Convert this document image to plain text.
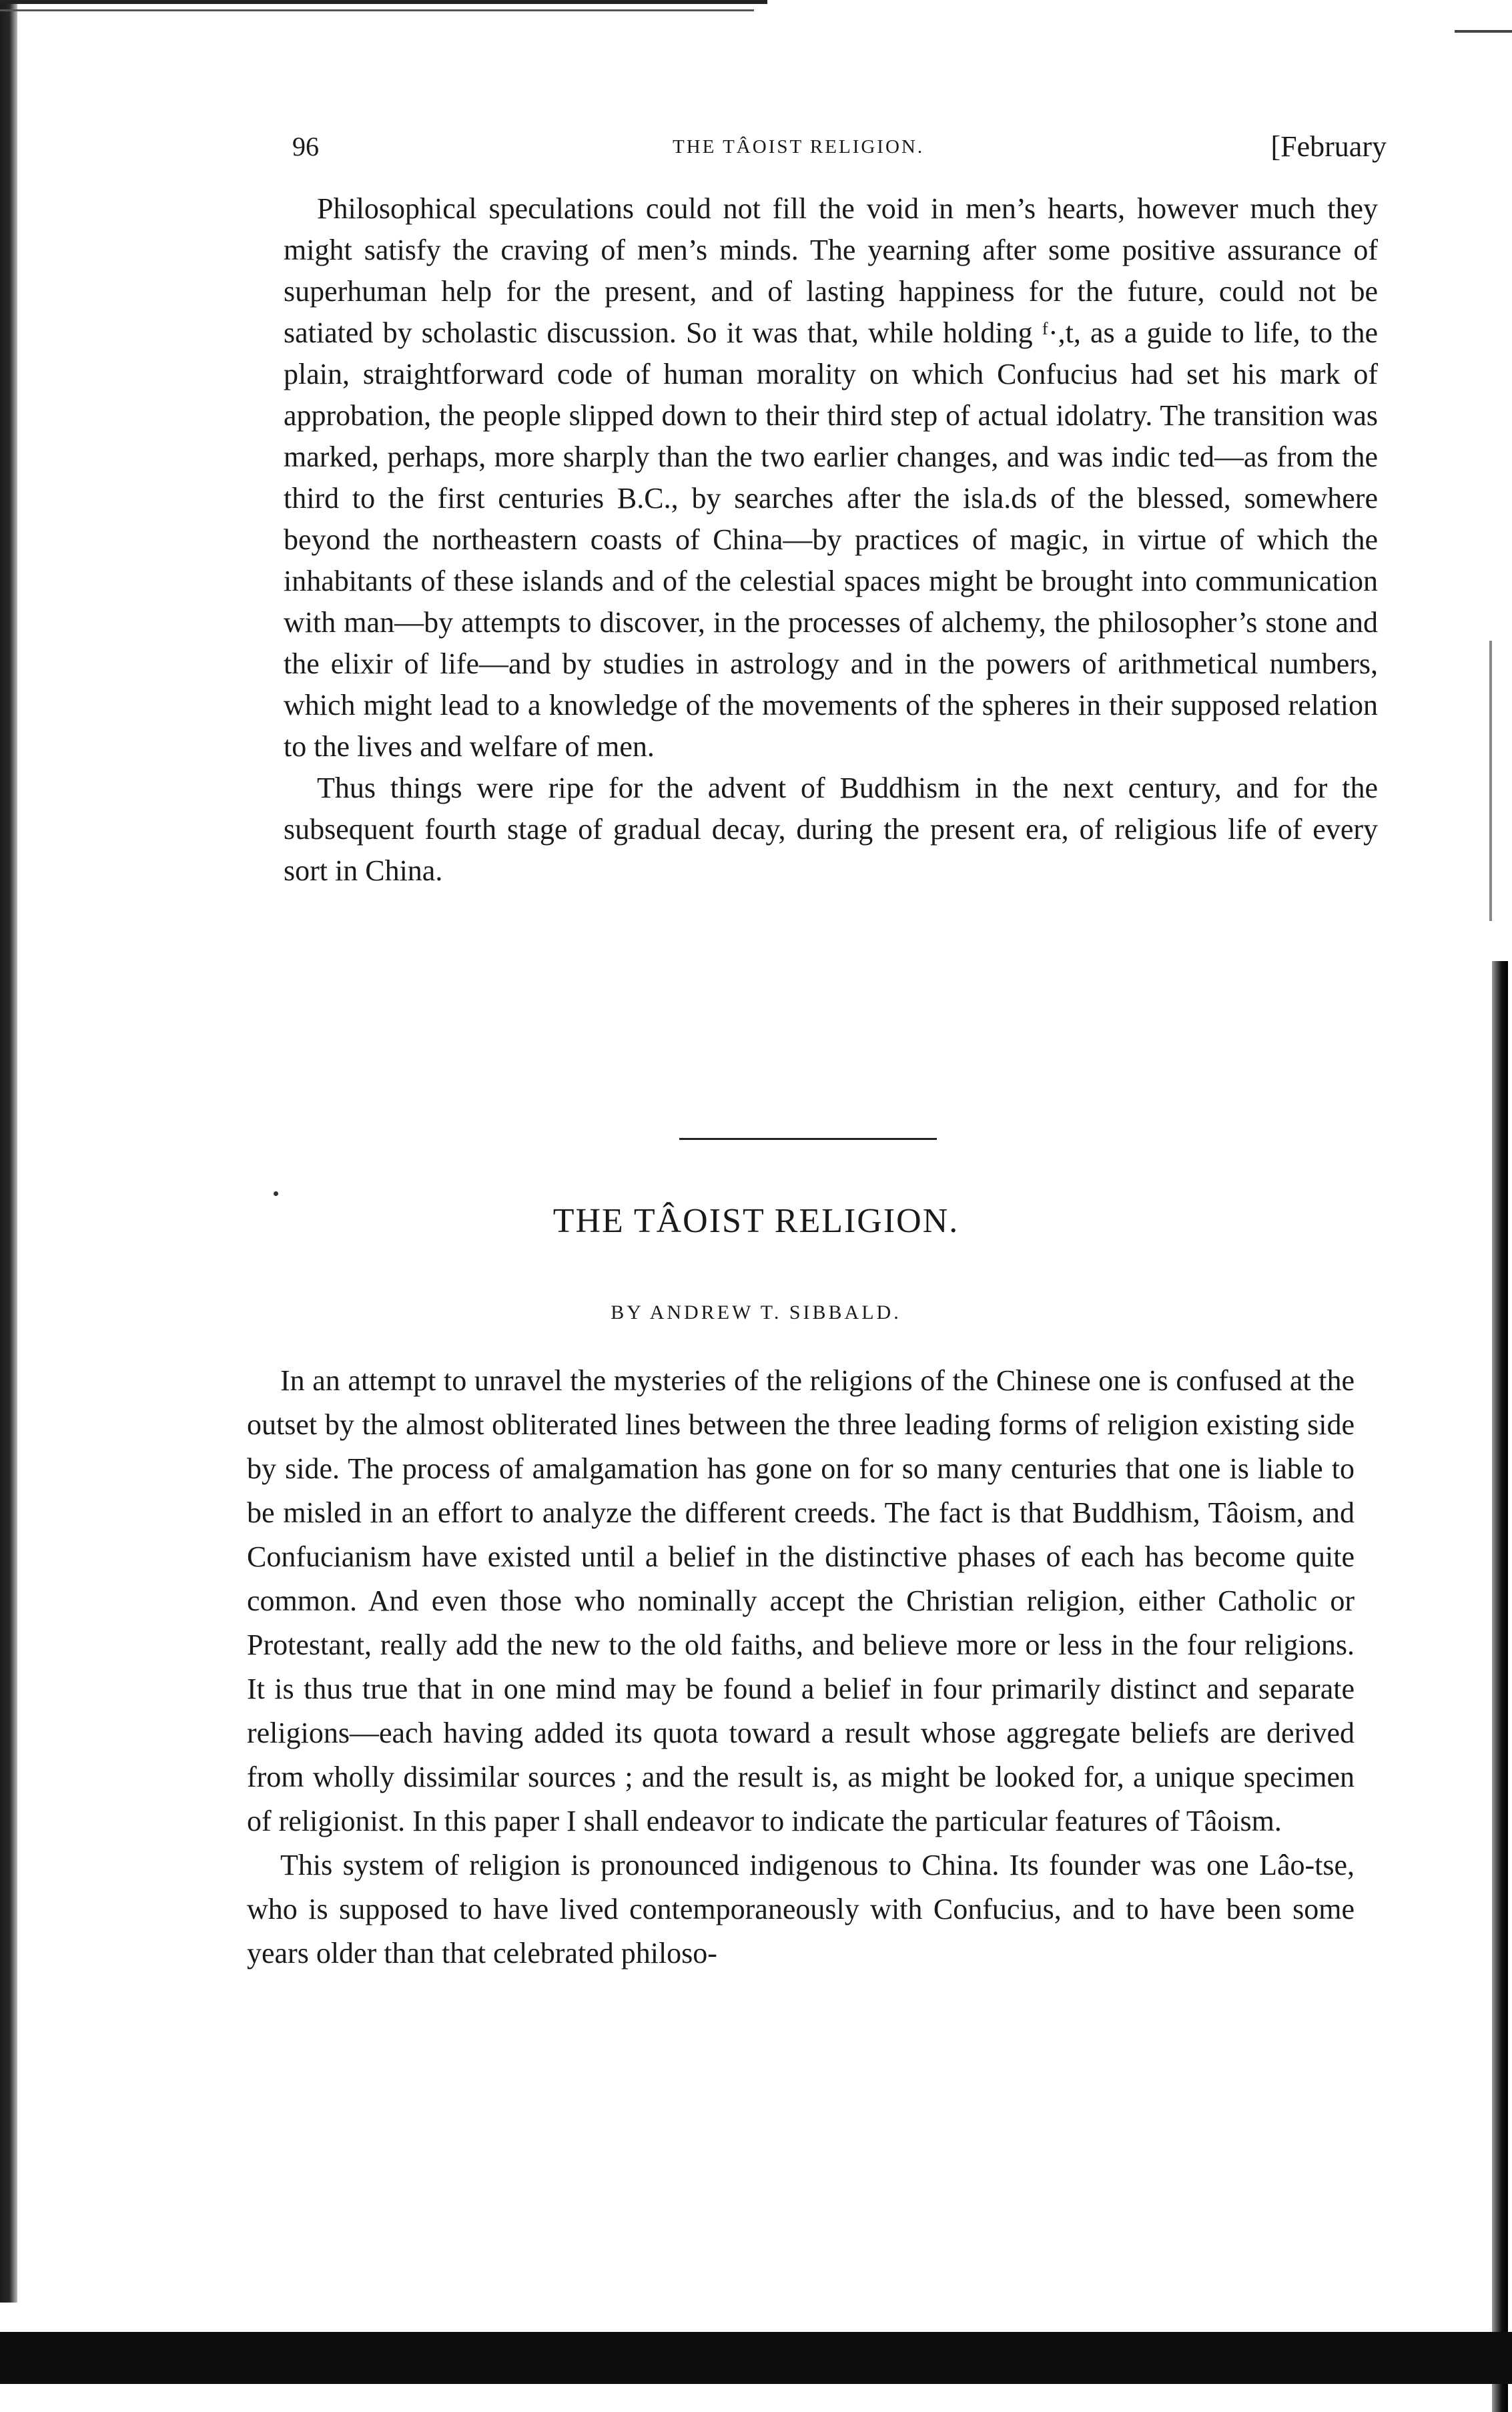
96	THE TÂOIST RELIGION.	[February

Philosophical speculations could not fill the void in men’s hearts, however much they might satisfy the craving of men’s minds. The yearning after some positive assurance of superhuman help for the present, and of lasting happiness for the future, could not be satiated by scholastic discussion. So it was that, while holding ᶠ·,t, as a guide to life, to the plain, straightforward code of human morality on which Confucius had set his mark of approbation, the people slipped down to their third step of actual idolatry. The transition was marked, perhaps, more sharply than the two earlier changes, and was indic ted—as from the third to the first centuries B.C., by searches after the isla.ds of the blessed, somewhere beyond the northeastern coasts of China—by practices of magic, in virtue of which the inhabitants of these islands and of the celestial spaces might be brought into communication with man—by attempts to discover, in the processes of alchemy, the philosopher’s stone and the elixir of life—and by studies in astrology and in the powers of arithmetical numbers, which might lead to a knowledge of the movements of the spheres in their supposed relation to the lives and welfare of men.

Thus things were ripe for the advent of Buddhism in the next century, and for the subsequent fourth stage of gradual decay, during the present era, of religious life of every sort in China.

THE TÂOIST RELIGION.
BY ANDREW T. SIBBALD.

In an attempt to unravel the mysteries of the religions of the Chinese one is confused at the outset by the almost obliterated lines between the three leading forms of religion existing side by side. The process of amalgamation has gone on for so many centuries that one is liable to be misled in an effort to analyze the different creeds. The fact is that Buddhism, Tâoism, and Confucianism have existed until a belief in the distinctive phases of each has become quite common. And even those who nominally accept the Christian religion, either Catholic or Protestant, really add the new to the old faiths, and believe more or less in the four religions. It is thus true that in one mind may be found a belief in four primarily distinct and separate religions—each having added its quota toward a result whose aggregate beliefs are derived from wholly dissimilar sources ; and the result is, as might be looked for, a unique specimen of religionist. In this paper I shall endeavor to indicate the particular features of Tâoism.

This system of religion is pronounced indigenous to China. Its founder was one Lâo-tse, who is supposed to have lived contemporaneously with Confucius, and to have been some years older than that celebrated philoso-
